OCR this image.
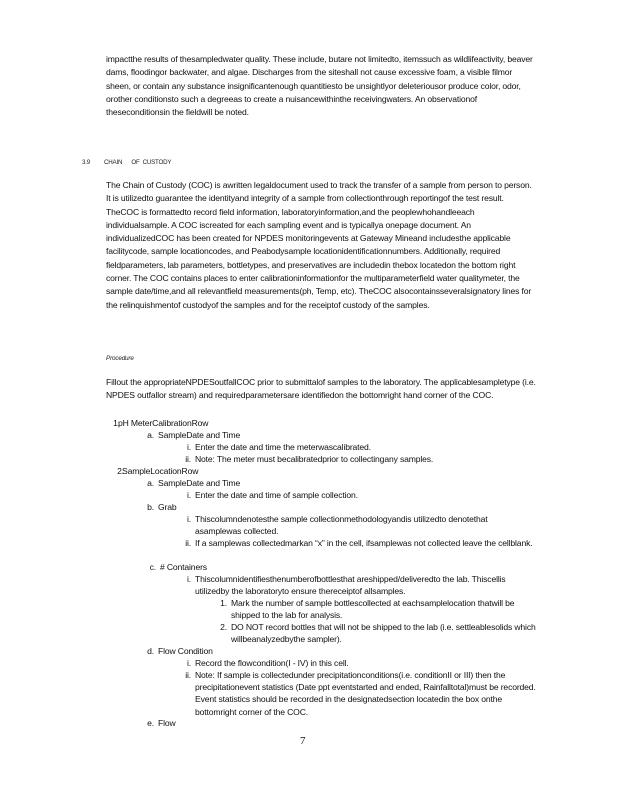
impactthe results of thesampledwater quality. These include, butare not limitedto, itemssuch as wildlifeactivity, beaver dams, floodingor backwater, and algae. Discharges from the siteshall not cause excessive foam, a visible filmor sheen, or contain any substance insignificantenough quantitiesto be unsightlyor deleteriousor produce color, odor, orother conditionsto such a degreeas to create a nuisancewithinthe receivingwaters. An observationof theseconditionsin the fieldwill be noted.
3.9 CHAIN      OF  CUSTODY
The Chain of Custody (COC) is awritten legaldocument used to track the transfer of a sample from person to person. It is utilizedto guarantee the identityand integrity of a sample from collectionthrough reportingof the test result. TheCOC is formattedto record field information, laboratoryinformation,and the peoplewhohandleeach individualsample. A COC iscreated for each sampling event and is typicallya onepage document. An individualizedCOC has been created for NPDES monitoringevents at Gateway Mineand includesthe applicable facilitycode, sample locationcodes, and Peabodysample locationidentificationnumbers. Additionally, required fieldparameters, lab parameters, bottletypes, and preservatives are includedin thebox locatedon the bottom right corner. The COC contains places to enter calibrationinformationfor the multiparameterfield water qualitymeter, the sample date/time,and all relevantfield measurements(ph, Temp, etc). TheCOC alsocontainsseveralsignatory lines for the relinquishmentof custodyof the samples and for the receiptof custody of the samples.
Procedure
Fillout the appropriateNPDESoutfallCOC prior to submittalof samples to the laboratory. The applicablesampletype (i.e. NPDES outfallor stream) and requiredparametersare identifiedon the bottomright hand corner of the COC.
1.
pH MeterCalibrationRow
a. SampleDate and Time
i. Enter the date and time the meterwascalibrated.
ii. Note: The meter must becalibratedprior to collectingany samples.
2.
SampleLocationRow
a. SampleDate and Time
i. Enter the date and time of sample collection.
b. Grab
i. Thiscolumndenotesthe sample collectionmethodologyandis utilizedto denotethat asamplewas collected.
ii. If a samplewas collectedmarkan “x” in the cell, ifsamplewas not collected leave the cellblank.
c. # Containers
i. Thiscolumnidentifiesthenumberofbottlesthat areshipped/deliveredto the lab. Thiscellis utilizedby the laboratoryto ensure thereceiptof allsamples.
1. Mark the number of sample bottlescollected at eachsamplelocation thatwill be shipped to the lab for analysis.
2. DO NOT record bottles that will not be shipped to the lab (i.e. settleablesolids which willbeanalyzedbythe sampler).
d. Flow Condition
i. Record the flowcondition(I - IV) in this cell.
ii. Note: If sample is collectedunder precipitationconditions(i.e. conditionII or III) then the precipitationevent statistics (Date ppt eventstarted and ended, Rainfalltotal)must be recorded. Event statistics should be recorded in the designatedsection locatedin the box onthe bottomright corner of the COC.
e. Flow
7
